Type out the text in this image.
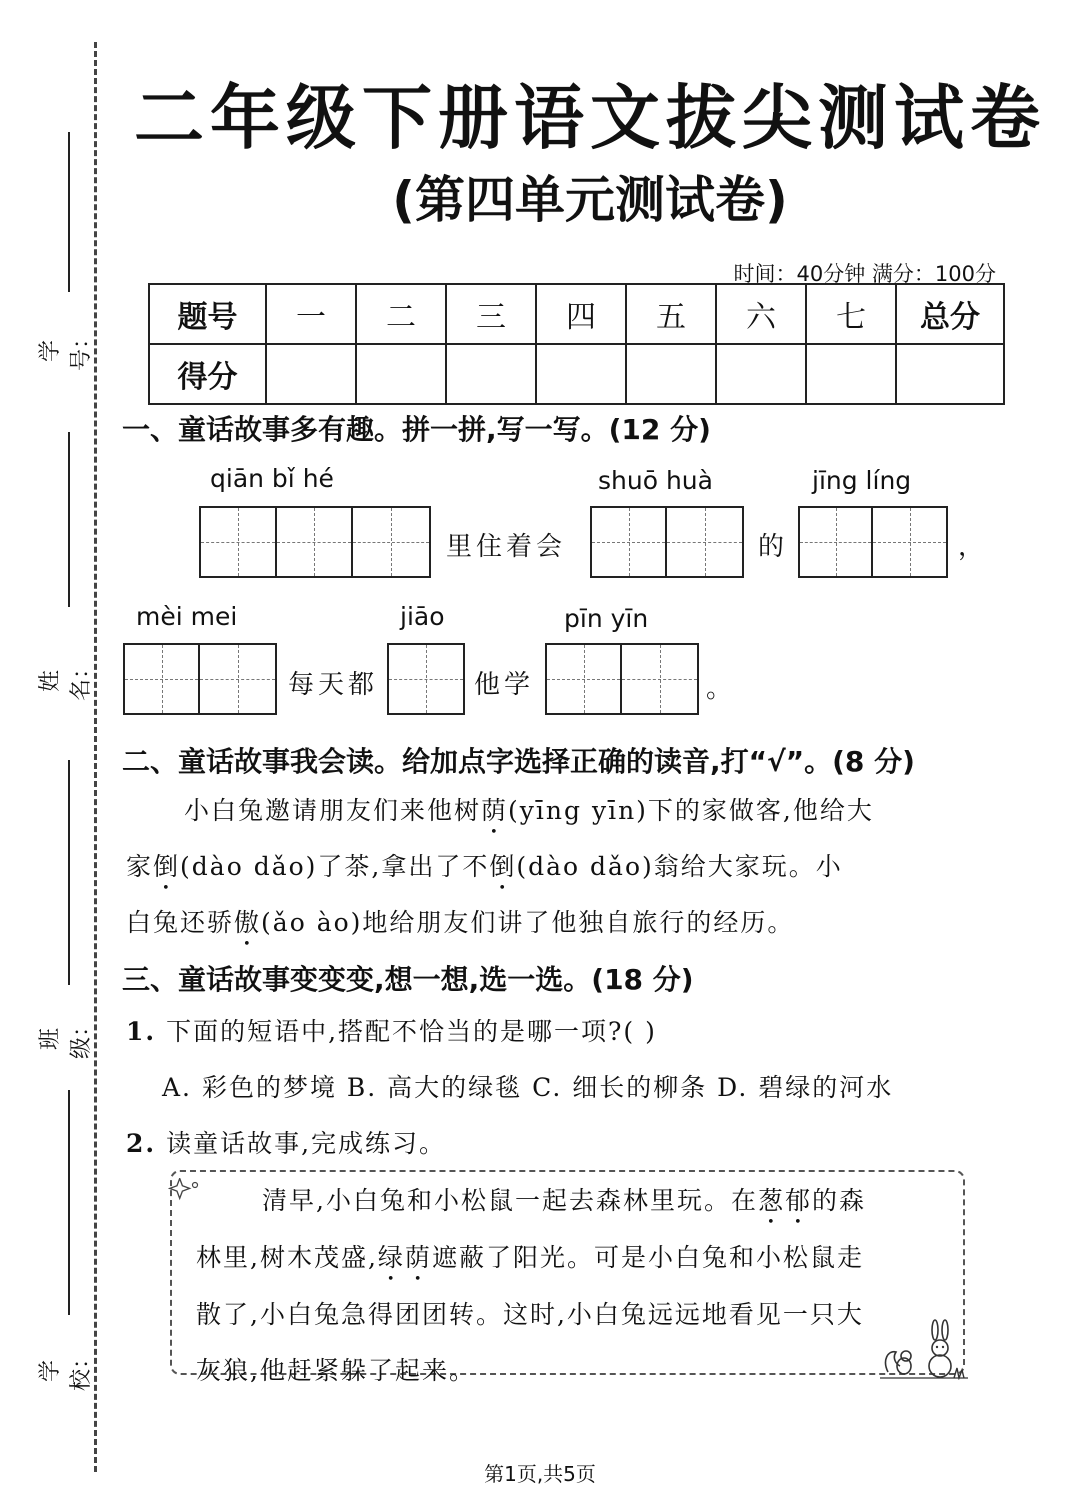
学号：
姓名：
班级：
学校：
二年级下册语文拔尖测试卷
(第四单元测试卷)
时间：40分钟 满分：100分
题号	一	二	三	四	五	六	七	总分
得分								
一、童话故事多有趣。拼一拼,写一写。(12 分)
qiān bǐ hé	shuō huà	jīng líng
里住着会	的	，
mèi mei	jiāo	pīn yīn
每天都	他学	。
二、童话故事我会读。给加点字选择正确的读音,打“√”。(8 分)

小白兔邀请朋友们来他树荫(yīng yīn)下的家做客,他给大

家倒(dào dǎo)了茶,拿出了不倒(dào dǎo)翁给大家玩。小

白兔还骄傲(ǎo ào)地给朋友们讲了他独自旅行的经历。

三、童话故事变变变,想一想,选一选。(18 分)
1. 下面的短语中,搭配不恰当的是哪一项?( )
A. 彩色的梦境 B. 高大的绿毯 C. 细长的柳条 D. 碧绿的河水
2. 读童话故事,完成练习。

清早,小白兔和小松鼠一起去森林里玩。在葱郁的森

林里,树木茂盛,绿荫遮蔽了阳光。可是小白兔和小松鼠走

散了,小白兔急得团团转。这时,小白兔远远地看见一只大

灰狼,他赶紧躲了起来。

第1页,共5页
